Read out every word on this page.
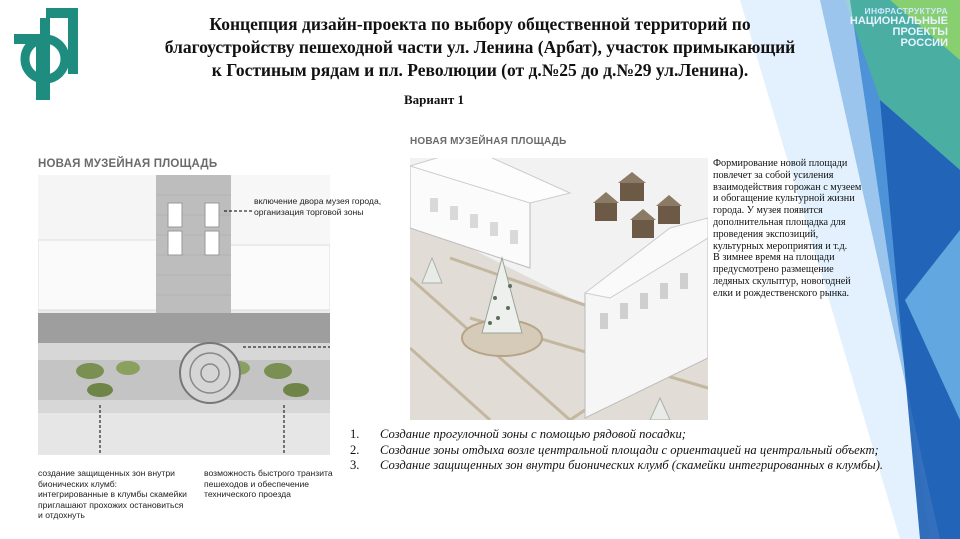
ИНФРАСТРУКТУРА
НАЦИОНАЛЬНЫЕ
ПРОЕКТЫ
РОССИИ
Концепция дизайн-проекта по выбору общественной территорий по
благоустройству пешеходной части ул. Ленина (Арбат), участок примыкающий
к Гостиным рядам и пл. Революции (от д.№25 до д.№29 ул.Ленина).
Вариант 1
НОВАЯ МУЗЕЙНАЯ ПЛОЩАДЬ
включение двора музея города, организация торговой зоны
создание защищенных зон внутри бионических клумб: интегрированные в клумбы скамейки приглашают прохожих остановиться и отдохнуть
возможность быстрого транзита пешеходов и обеспечение технического проезда
НОВАЯ МУЗЕЙНАЯ ПЛОЩАДЬ

Формирование новой площади повлечет за собой усиления взаимодействия горожан с музеем и обогащение культурной жизни города. У музея появится дополнительная площадка для проведения экспозиций, культурных мероприятия и т.д.

В зимнее время на площади предусмотрено размещение ледяных скульптур, новогодней елки и рождественского рынка.

1.	Создание прогулочной зоны с помощью рядовой посадки;
2.	Создание зоны отдыха возле центральной площади с ориентацией на центральный объект;
3.	Создание защищенных зон внутри бионических клумб (скамейки интегрированных в клумбы).
